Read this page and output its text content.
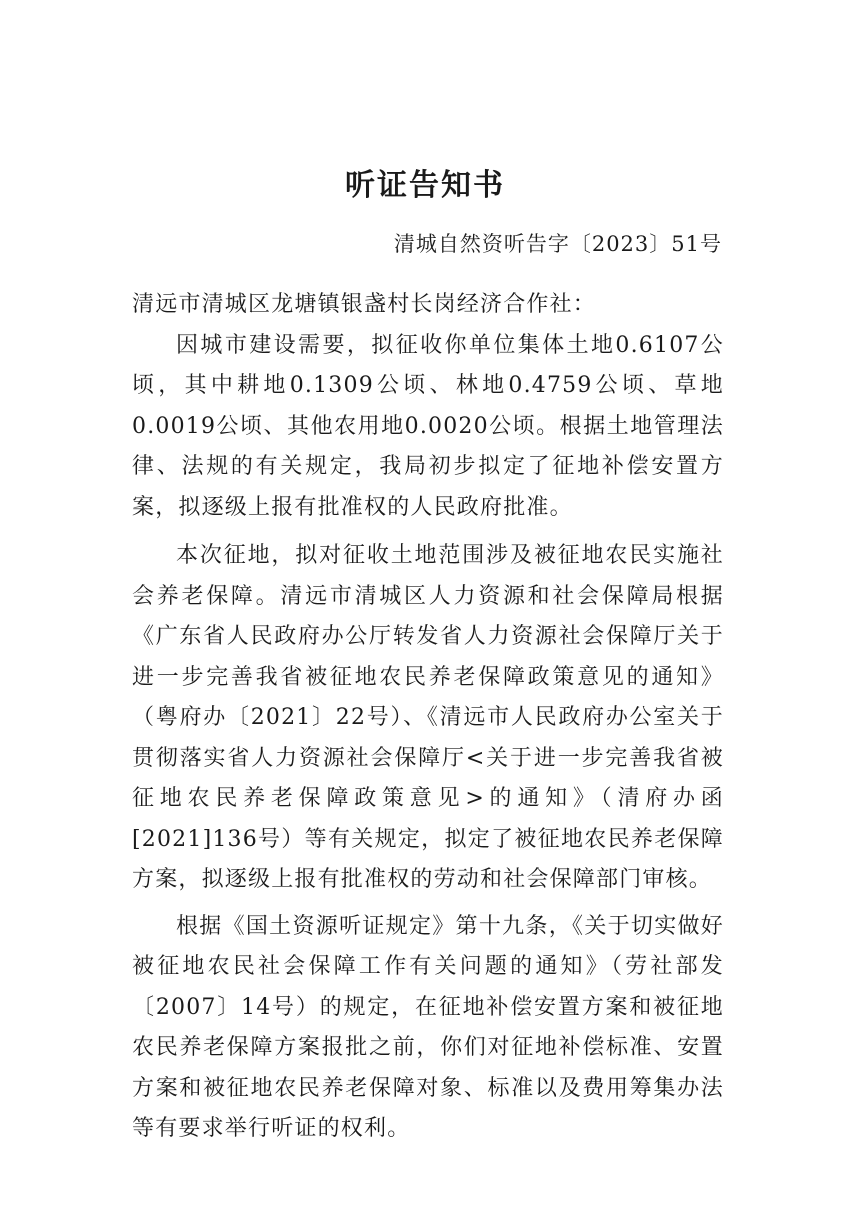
听证告知书
清城自然资听告字〔2023〕51号

清远市清城区龙塘镇银盏村长岗经济合作社：

因城市建设需要，拟征收你单位集体土地0.6107公顷，其中耕地0.1309公顷、林地0.4759公顷、草地0.0019公顷、其他农用地0.0020公顷。根据土地管理法律、法规的有关规定，我局初步拟定了征地补偿安置方案，拟逐级上报有批准权的人民政府批准。

本次征地，拟对征收土地范围涉及被征地农民实施社会养老保障。清远市清城区人力资源和社会保障局根据《广东省人民政府办公厅转发省人力资源社会保障厅关于进一步完善我省被征地农民养老保障政策意见的通知》（粤府办〔2021〕22号）、《清远市人民政府办公室关于贯彻落实省人力资源社会保障厅<关于进一步完善我省被征地农民养老保障政策意见>的通知》（清府办函[2021]136号）等有关规定，拟定了被征地农民养老保障方案，拟逐级上报有批准权的劳动和社会保障部门审核。

根据《国土资源听证规定》第十九条，《关于切实做好被征地农民社会保障工作有关问题的通知》（劳社部发〔2007〕14号）的规定，在征地补偿安置方案和被征地农民养老保障方案报批之前，你们对征地补偿标准、安置方案和被征地农民养老保障对象、标准以及费用筹集办法等有要求举行听证的权利。
